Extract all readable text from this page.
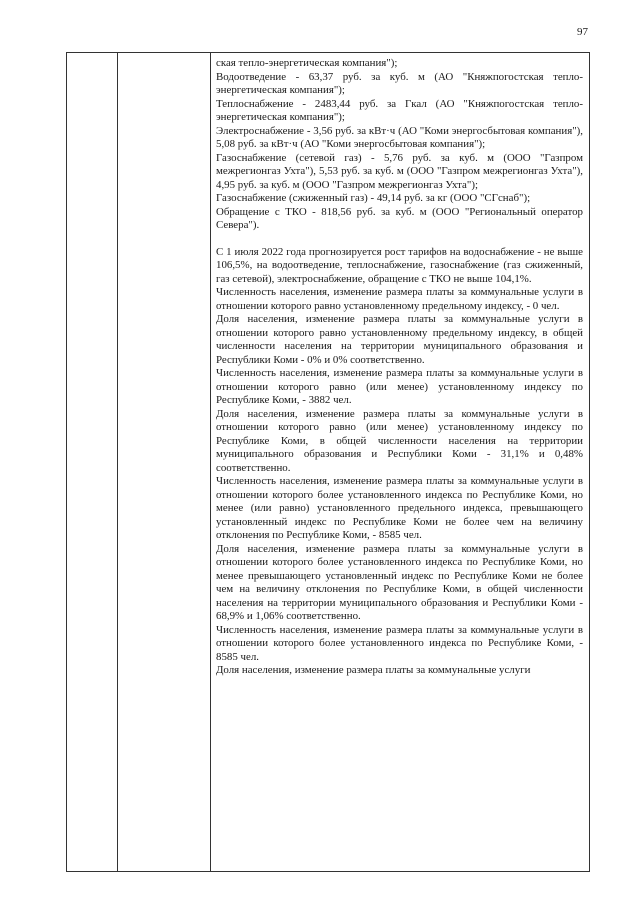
97

ская тепло-энергетическая компания");

Водоотведение - 63,37 руб. за куб. м (АО "Княжпогостская тепло-энергетическая компания");

Теплоснабжение - 2483,44 руб. за Гкал (АО "Княжпогостская тепло-энергетическая компания");

Электроснабжение - 3,56 руб. за кВт·ч (АО "Коми энергосбытовая компания"), 5,08 руб. за кВт·ч (АО "Коми энергосбытовая компания");

Газоснабжение (сетевой газ) - 5,76 руб. за куб. м (ООО "Газпром межрегионгаз Ухта"), 5,53 руб. за куб. м (ООО "Газпром межрегионгаз Ухта"), 4,95 руб. за куб. м (ООО "Газпром межрегионгаз Ухта");

Газоснабжение (сжиженный газ) - 49,14 руб. за кг (ООО "СГснаб");

Обращение с ТКО - 818,56 руб. за куб. м (ООО "Региональный оператор Севера").

С 1 июля 2022 года прогнозируется рост тарифов на водоснабжение - не выше 106,5%, на водоотведение, теплоснабжение, газоснабжение (газ сжиженный, газ сетевой), электроснабжение, обращение с ТКО не выше 104,1%.

Численность населения, изменение размера платы за коммунальные услуги в отношении которого равно установленному предельному индексу, - 0 чел.

Доля населения, изменение размера платы за коммунальные услуги в отношении которого равно установленному предельному индексу, в общей численности населения на территории муниципального образования и Республики Коми - 0% и 0% соответственно.

Численность населения, изменение размера платы за коммунальные услуги в отношении которого равно (или менее) установленному индексу по Республике Коми, - 3882 чел.

Доля населения, изменение размера платы за коммунальные услуги в отношении которого равно (или менее) установленному индексу по Республике Коми, в общей численности населения на территории муниципального образования и Республики Коми - 31,1% и 0,48% соответственно.

Численность населения, изменение размера платы за коммунальные услуги в отношении которого более установленного индекса по Республике Коми, но менее (или равно) установленного предельного индекса, превышающего установленный индекс по Республике Коми не более чем на величину отклонения по Республике Коми, - 8585 чел.

Доля населения, изменение размера платы за коммунальные услуги в отношении которого более установленного индекса по Республике Коми, но менее превышающего установленный индекс по Республике Коми не более чем на величину отклонения по Республике Коми, в общей численности населения на территории муниципального образования и Республики Коми - 68,9% и 1,06% соответственно.

Численность населения, изменение размера платы за коммунальные услуги в отношении которого более установленного индекса по Республике Коми, - 8585 чел.

Доля населения, изменение размера платы за коммунальные услуги
